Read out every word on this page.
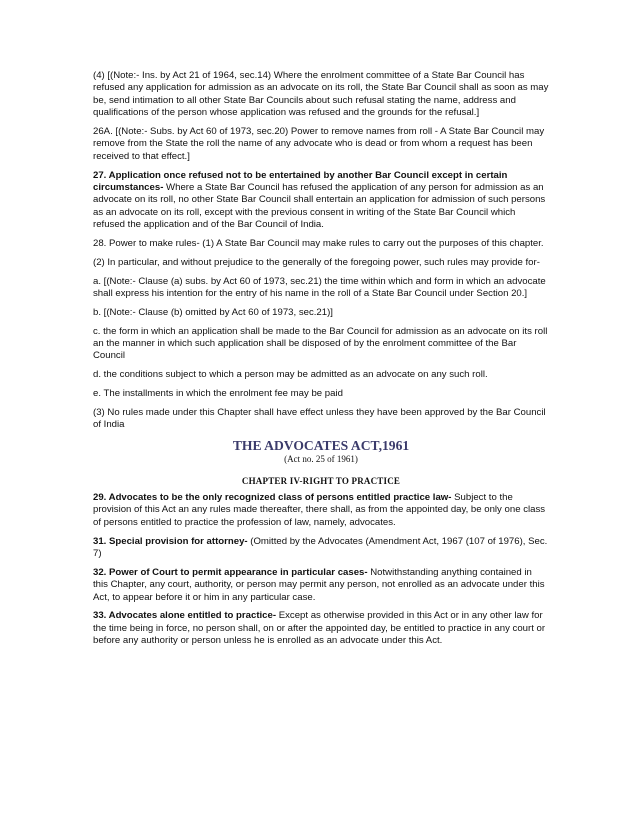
(4) [(Note:- Ins. by Act 21 of 1964, sec.14) Where the enrolment committee of a State Bar Council has refused any application for admission as an advocate on its roll, the State Bar Council shall as soon as may be, send intimation to all other State Bar Councils about such refusal stating the name, address and qualifications of the person whose application was refused and the grounds for the refusal.]

26A. [(Note:- Subs. by Act 60 of 1973, sec.20) Power to remove names from roll - A State Bar Council may remove from the State the roll the name of any advocate who is dead or from whom a request has been received to that effect.]

27. Application once refused not to be entertained by another Bar Council except in certain circumstances- Where a State Bar Council has refused the application of any person for admission as an advocate on its roll, no other State Bar Council shall entertain an application for admission of such persons as an advocate on its roll, except with the previous consent in writing of the State Bar Council which refused the application and of the Bar Council of India.

28. Power to make rules- (1) A State Bar Council may make rules to carry out the purposes of this chapter.

(2) In particular, and without prejudice to the generally of the foregoing power, such rules may provide for-

a. [(Note:- Clause (a) subs. by Act 60 of 1973, sec.21) the time within which and form in which an advocate shall express his intention for the entry of his name in the roll of a State Bar Council under Section 20.]

b. [(Note:- Clause (b) omitted by Act 60 of 1973, sec.21)]

c. the form in which an application shall be made to the Bar Council for admission as an advocate on its roll an the manner in which such application shall be disposed of by the enrolment committee of the Bar Council

d. the conditions subject to which a person may be admitted as an advocate on any such roll.

e. The installments in which the enrolment fee may be paid

(3) No rules made under this Chapter shall have effect unless they have been approved by the Bar Council of India

THE ADVOCATES ACT,1961
(Act no. 25 of 1961)
CHAPTER IV-RIGHT TO PRACTICE

29. Advocates to be the only recognized class of persons entitled practice law- Subject to the provision of this Act an any rules made thereafter, there shall, as from the appointed day, be only one class of persons entitled to practice the profession of law, namely, advocates.

31. Special provision for attorney- (Omitted by the Advocates (Amendment Act, 1967 (107 of 1976), Sec. 7)

32. Power of Court to permit appearance in particular cases- Notwithstanding anything contained in this Chapter, any court, authority, or person may permit any person, not enrolled as an advocate under this Act, to appear before it or him in any particular case.

33. Advocates alone entitled to practice- Except as otherwise provided in this Act or in any other law for the time being in force, no person shall, on or after the appointed day, be entitled to practice in any court or before any authority or person unless he is enrolled as an advocate under this Act.
